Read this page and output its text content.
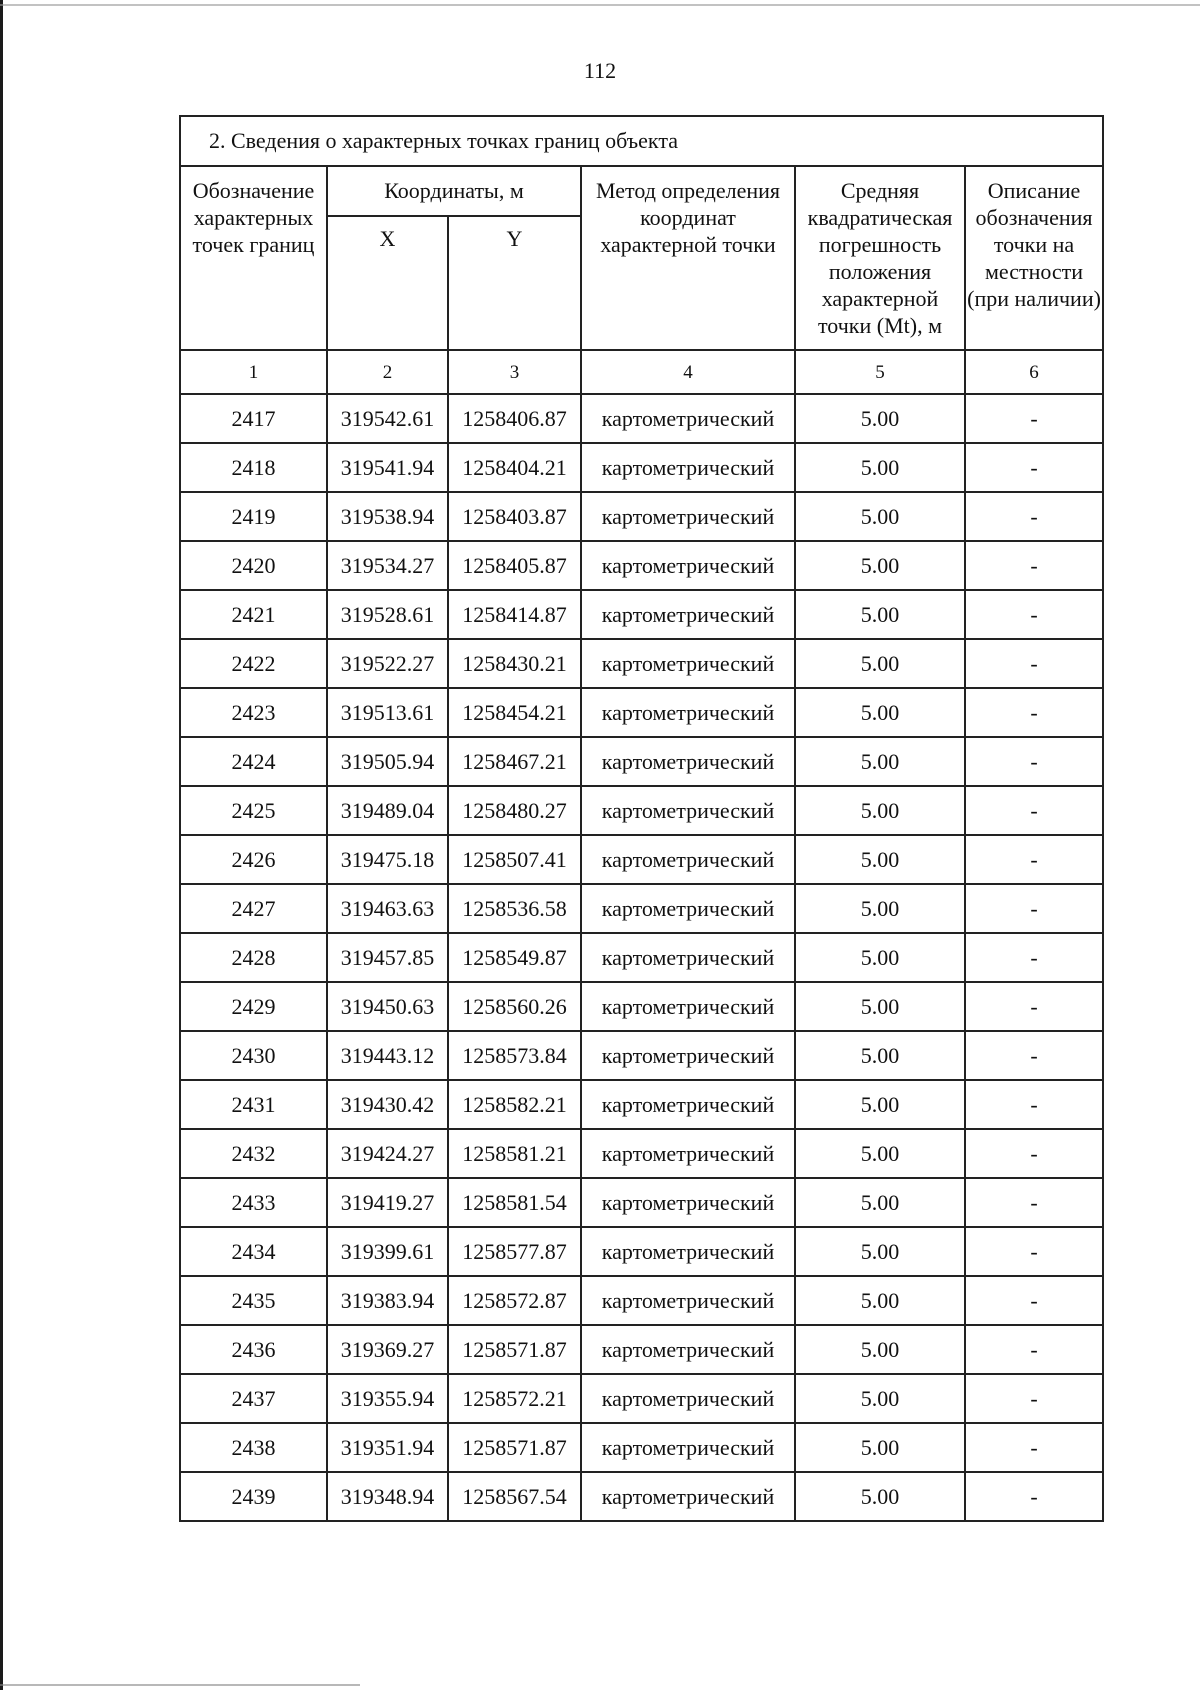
112
2. Сведения о характерных точках границ объекта					
Обозначение характерных точек границ	Координаты, м		Метод определения координат характерной точки	Средняя квадратическая погрешность положения характерной точки (Mt), м	Описание обозначения точки на местности (при наличии)
	X	Y			
1	2	3	4	5	6
2417	319542.61	1258406.87	картометрический	5.00	-
2418	319541.94	1258404.21	картометрический	5.00	-
2419	319538.94	1258403.87	картометрический	5.00	-
2420	319534.27	1258405.87	картометрический	5.00	-
2421	319528.61	1258414.87	картометрический	5.00	-
2422	319522.27	1258430.21	картометрический	5.00	-
2423	319513.61	1258454.21	картометрический	5.00	-
2424	319505.94	1258467.21	картометрический	5.00	-
2425	319489.04	1258480.27	картометрический	5.00	-
2426	319475.18	1258507.41	картометрический	5.00	-
2427	319463.63	1258536.58	картометрический	5.00	-
2428	319457.85	1258549.87	картометрический	5.00	-
2429	319450.63	1258560.26	картометрический	5.00	-
2430	319443.12	1258573.84	картометрический	5.00	-
2431	319430.42	1258582.21	картометрический	5.00	-
2432	319424.27	1258581.21	картометрический	5.00	-
2433	319419.27	1258581.54	картометрический	5.00	-
2434	319399.61	1258577.87	картометрический	5.00	-
2435	319383.94	1258572.87	картометрический	5.00	-
2436	319369.27	1258571.87	картометрический	5.00	-
2437	319355.94	1258572.21	картометрический	5.00	-
2438	319351.94	1258571.87	картометрический	5.00	-
2439	319348.94	1258567.54	картометрический	5.00	-
